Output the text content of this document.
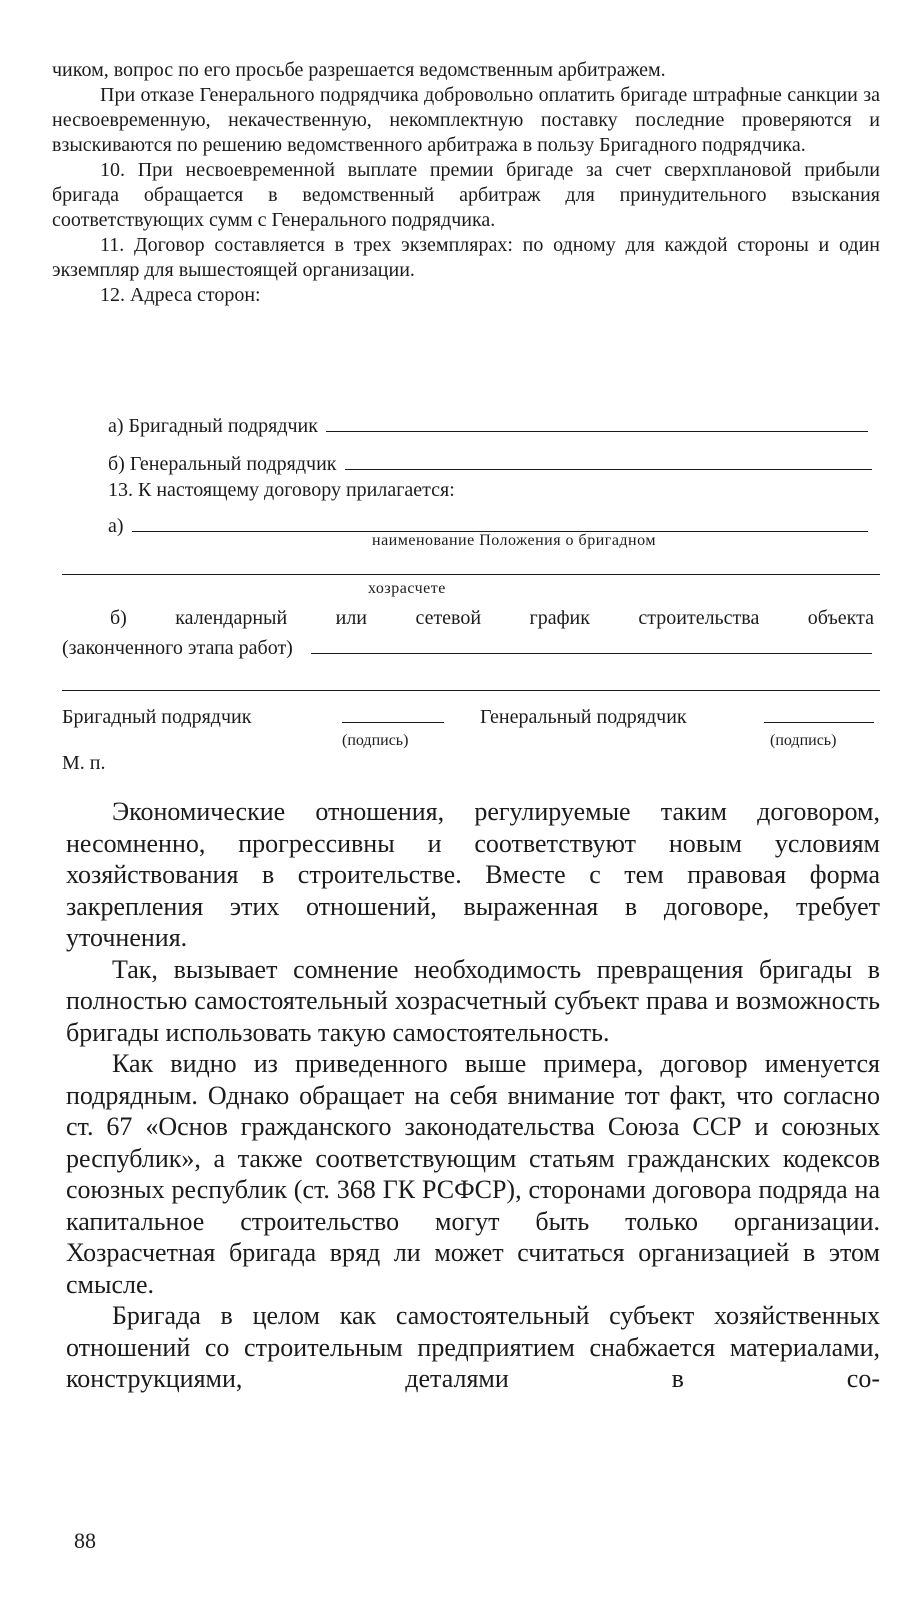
чиком, вопрос по его просьбе разрешается ведомственным арбитражем.

При отказе Генерального подрядчика добровольно оплатить бригаде штрафные санкции за несвоевременную, некачественную, некомплектную поставку последние проверяются и взыскиваются по решению ведомственного арбитража в пользу Бригадного подрядчика.

10. При несвоевременной выплате премии бригаде за счет сверхплановой прибыли бригада обращается в ведомственный арбитраж для принудительного взыскания соответствующих сумм с Генерального подрядчика.

11. Договор составляется в трех экземплярах: по одному для каждой стороны и один экземпляр для вышестоящей организации.

12. Адреса сторон:

а) Бригадный подрядчик
б) Генеральный подрядчик
13. К настоящему договору прилагается:
а)
наименование Положения о бригадном
хозрасчете

б) календарный или сетевой график строительства объекта

(законченного этапа работ)
Бригадный подрядчик
(подпись)
Генеральный подрядчик
(подпись)
М. п.

Экономические отношения, регулируемые таким договором, несомненно, прогрессивны и соответствуют новым условиям хозяйствования в строительстве. Вместе с тем правовая форма закрепления этих отношений, выраженная в договоре, требует уточнения.

Так, вызывает сомнение необходимость превращения бригады в полностью самостоятельный хозрасчетный субъект права и возможность бригады использовать такую самостоятельность.

Как видно из приведенного выше примера, договор именуется подрядным. Однако обращает на себя внимание тот факт, что согласно ст. 67 «Основ гражданского законодательства Союза ССР и союзных республик», а также соответствующим статьям гражданских кодексов союзных республик (ст. 368 ГК РСФСР), сторонами договора подряда на капитальное строительство могут быть только организации. Хозрасчетная бригада вряд ли может считаться организацией в этом смысле.

Бригада в целом как самостоятельный субъект хозяйственных отношений со строительным предприятием снабжается материалами, конструкциями, деталями в со-

88
